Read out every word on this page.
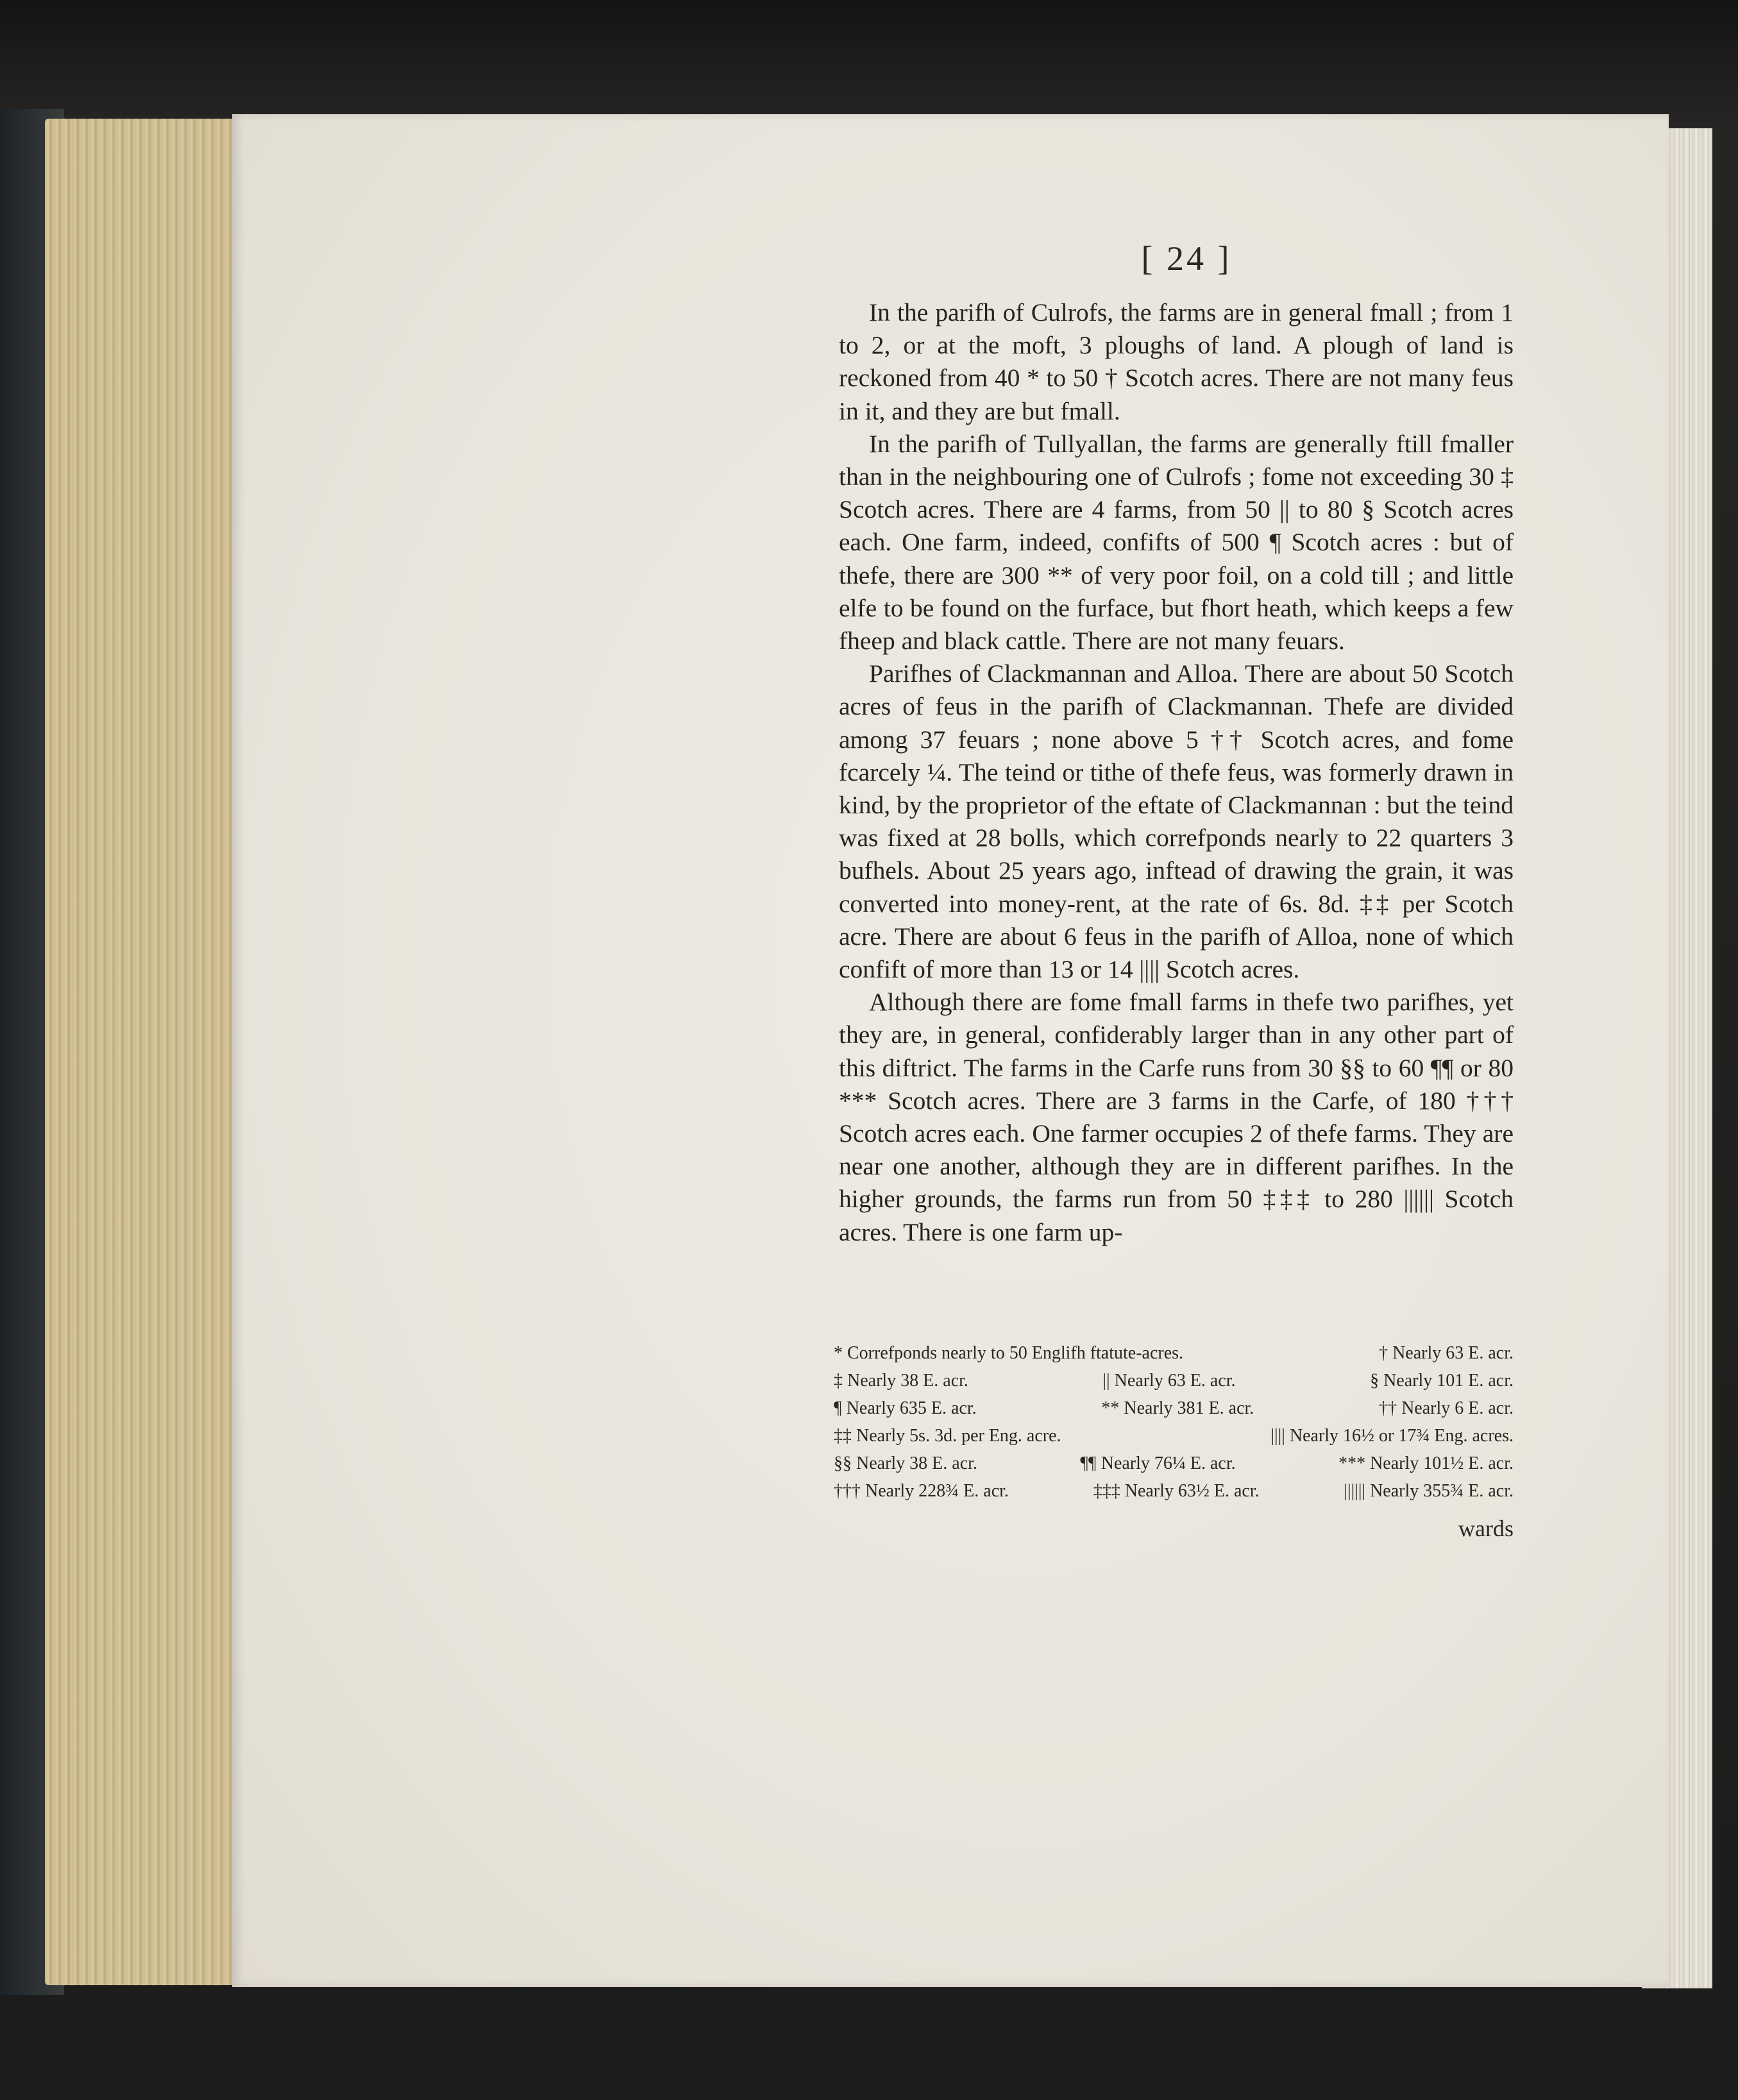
[ 24 ]

In the parifh of Culrofs, the farms are in general fmall ; from 1 to 2, or at the moft, 3 ploughs of land. A plough of land is reckoned from 40 * to 50 † Scotch acres. There are not many feus in it, and they are but fmall.

In the parifh of Tullyallan, the farms are generally ftill fmaller than in the neighbouring one of Culrofs ; fome not exceeding 30 ‡ Scotch acres. There are 4 farms, from 50 || to 80 § Scotch acres each. One farm, indeed, confifts of 500 ¶ Scotch acres : but of thefe, there are 300 ** of very poor foil, on a cold till ; and little elfe to be found on the furface, but fhort heath, which keeps a few fheep and black cattle. There are not many feuars.

Parifhes of Clackmannan and Alloa. There are about 50 Scotch acres of feus in the parifh of Clackmannan. Thefe are divided among 37 feuars ; none above 5 †† Scotch acres, and fome fcarcely ¼. The teind or tithe of thefe feus, was formerly drawn in kind, by the proprietor of the eftate of Clackmannan : but the teind was fixed at 28 bolls, which correfponds nearly to 22 quarters 3 bufhels. About 25 years ago, inftead of drawing the grain, it was converted into money-rent, at the rate of 6s. 8d. ‡‡ per Scotch acre. There are about 6 feus in the parifh of Alloa, none of which confift of more than 13 or 14 |||| Scotch acres.

Although there are fome fmall farms in thefe two parifhes, yet they are, in general, confiderably larger than in any other part of this diftrict. The farms in the Carfe runs from 30 §§ to 60 ¶¶ or 80 *** Scotch acres. There are 3 farms in the Carfe, of 180 ††† Scotch acres each. One farmer occupies 2 of thefe farms. They are near one another, although they are in different parifhes. In the higher grounds, the farms run from 50 ‡‡‡ to 280 |||||| Scotch acres. There is one farm up-

* Correfponds nearly to 50 Englifh ftatute-acres.	† Nearly 63 E. acr.
‡ Nearly 38 E. acr.	|| Nearly 63 E. acr.	§ Nearly 101 E. acr.
¶ Nearly 635 E. acr.	** Nearly 381 E. acr.	†† Nearly 6 E. acr.
‡‡ Nearly 5s. 3d. per Eng. acre.	|||| Nearly 16½ or 17¾ Eng. acres.
§§ Nearly 38 E. acr.	¶¶ Nearly 76¼ E. acr.	*** Nearly 101½ E. acr.
††† Nearly 228¾ E. acr.	‡‡‡ Nearly 63½ E. acr.	|||||| Nearly 355¾ E. acr.
wards
